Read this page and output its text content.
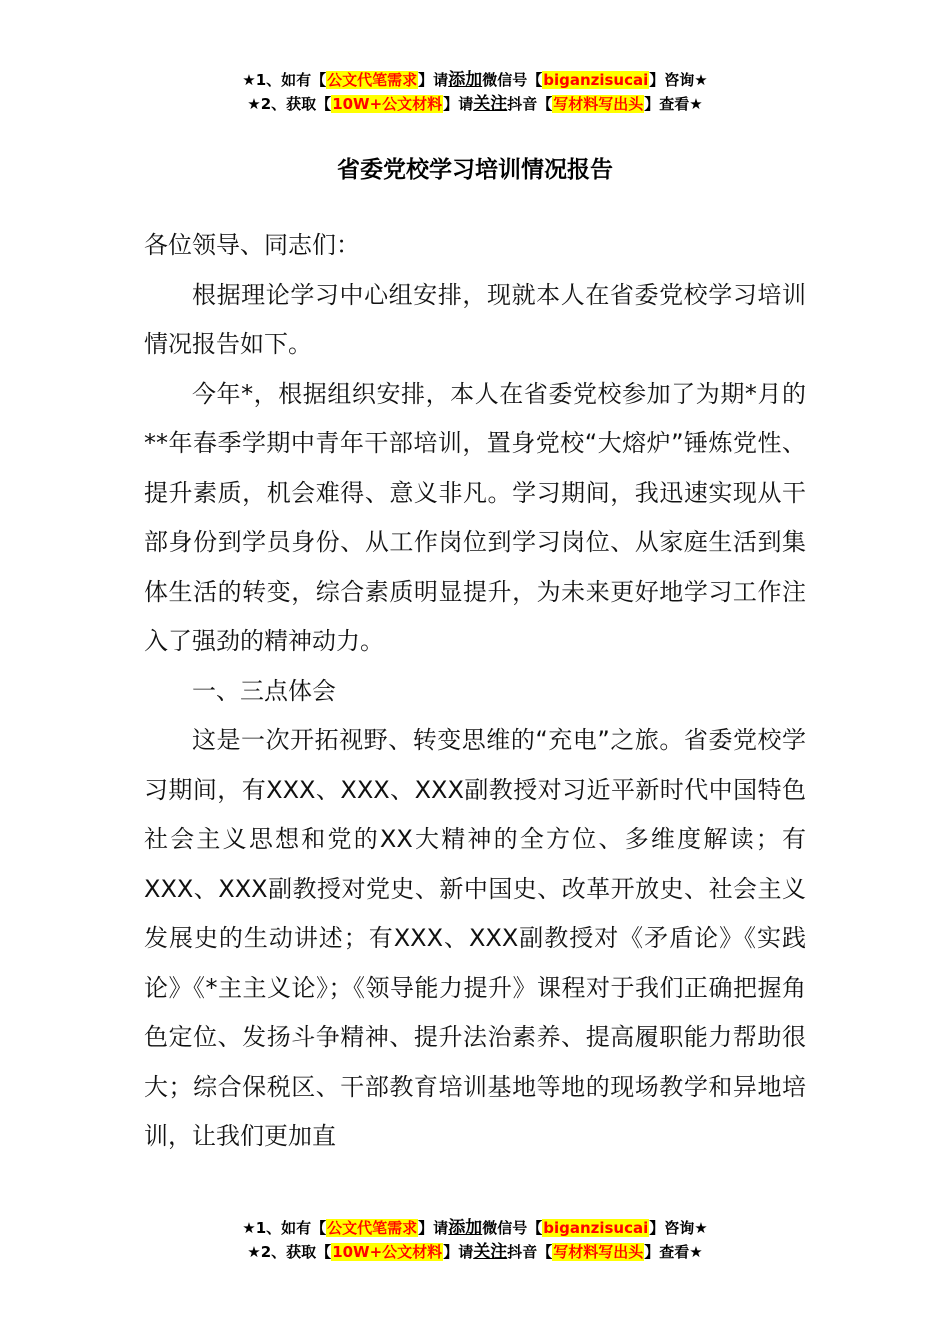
★1、如有【公文代笔需求】请添加微信号【biganzisucai】咨询★
★2、获取【10W+公文材料】请关注抖音【写材料写出头】查看★
省委党校学习培训情况报告

各位领导、同志们：

根据理论学习中心组安排，现就本人在省委党校学习培训情况报告如下。

今年*，根据组织安排，本人在省委党校参加了为期*月的**年春季学期中青年干部培训，置身党校“大熔炉”锤炼党性、提升素质，机会难得、意义非凡。学习期间，我迅速实现从干部身份到学员身份、从工作岗位到学习岗位、从家庭生活到集体生活的转变，综合素质明显提升，为未来更好地学习工作注入了强劲的精神动力。

一、三点体会

这是一次开拓视野、转变思维的“充电”之旅。省委党校学习期间，有XXX、XXX、XXX副教授对习近平新时代中国特色社会主义思想和党的XX大精神的全方位、多维度解读；有XXX、XXX副教授对党史、新中国史、改革开放史、社会主义发展史的生动讲述；有XXX、XXX副教授对《矛盾论》《实践论》《*主主义论》；《领导能力提升》课程对于我们正确把握角色定位、发扬斗争精神、提升法治素养、提高履职能力帮助很大；综合保税区、干部教育培训基地等地的现场教学和异地培训，让我们更加直

★1、如有【公文代笔需求】请添加微信号【biganzisucai】咨询★
★2、获取【10W+公文材料】请关注抖音【写材料写出头】查看★
